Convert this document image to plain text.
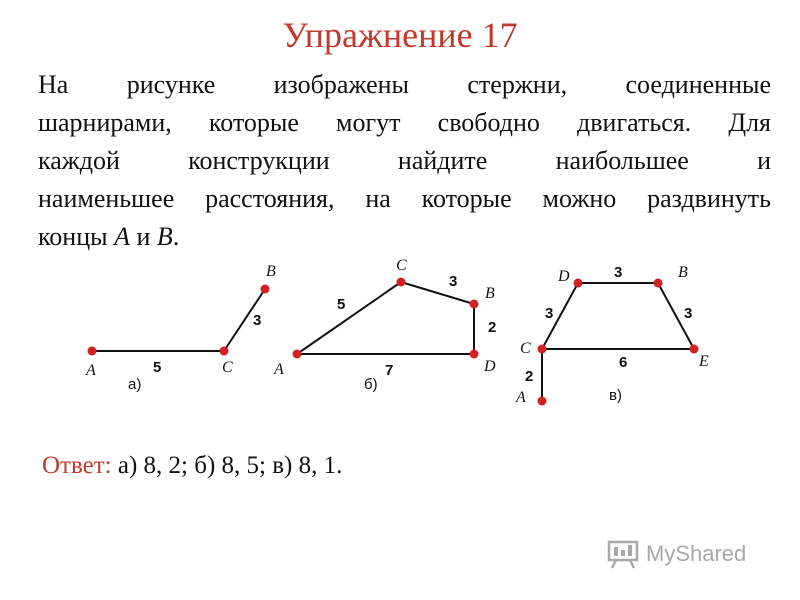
Упражнение 17
На рисунке изображены стержни, соединенные
шарнирами, которые могут свободно двигаться. Для
каждой конструкции найдите наибольшее и
наименьшее расстояния, на которые можно раздвинуть
концы A и B.
A	C
B
5
3
а)
A
C
B
D
5
3
2
7
б)
D	B
C
E
A
3
3	3
6
2
в)
Ответ: а) 8, 2; б) 8, 5; в) 8, 1.
MyShared
